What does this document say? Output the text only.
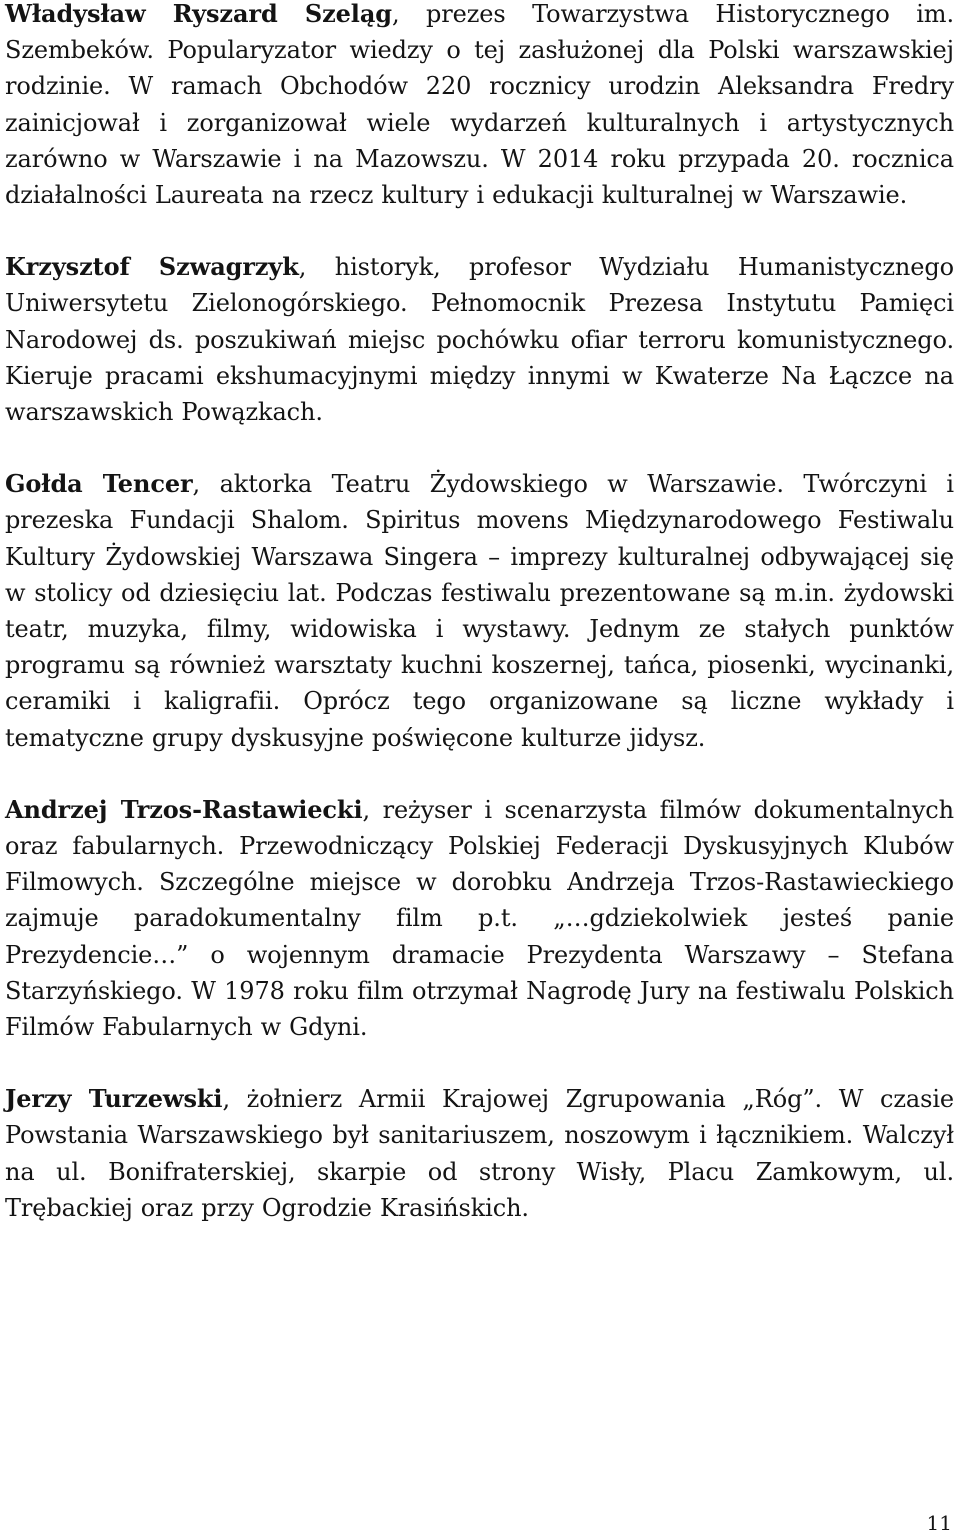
Władysław Ryszard Szeląg, prezes Towarzystwa Historycznego im. Szembeków. Popularyzator wiedzy o tej zasłużonej dla Polski warszawskiej rodzinie. W ramach Obchodów 220 rocznicy urodzin Aleksandra Fredry zainicjował i zorganizował wiele wydarzeń kulturalnych i artystycznych zarówno w Warszawie i na Mazowszu. W 2014 roku przypada 20. rocznica działalności Laureata na rzecz kultury i edukacji kulturalnej w Warszawie.

Krzysztof Szwagrzyk, historyk, profesor Wydziału Humanistycznego Uniwersytetu Zielonogórskiego. Pełnomocnik Prezesa Instytutu Pamięci Narodowej ds. poszukiwań miejsc pochówku ofiar terroru komunistycznego. Kieruje pracami ekshumacyjnymi między innymi w Kwaterze Na Łączce na warszawskich Powązkach.

Gołda Tencer, aktorka Teatru Żydowskiego w Warszawie. Twórczyni i prezeska Fundacji Shalom. Spiritus movens Międzynarodowego Festiwalu Kultury Żydowskiej Warszawa Singera – imprezy kulturalnej odbywającej się w stolicy od dziesięciu lat. Podczas festiwalu prezentowane są m.in. żydowski teatr, muzyka, filmy, widowiska i wystawy. Jednym ze stałych punktów programu są również warsztaty kuchni koszernej, tańca, piosenki, wycinanki, ceramiki i kaligrafii. Oprócz tego organizowane są liczne wykłady i tematyczne grupy dyskusyjne poświęcone kulturze jidysz.

Andrzej Trzos-Rastawiecki, reżyser i scenarzysta filmów dokumentalnych oraz fabularnych. Przewodniczący Polskiej Federacji Dyskusyjnych Klubów Filmowych. Szczególne miejsce w dorobku Andrzeja Trzos-Rastawieckiego zajmuje paradokumentalny film p.t. „…gdziekolwiek jesteś panie Prezydencie…” o wojennym dramacie Prezydenta Warszawy – Stefana Starzyńskiego. W 1978 roku film otrzymał Nagrodę Jury na festiwalu Polskich Filmów Fabularnych w Gdyni.

Jerzy Turzewski, żołnierz Armii Krajowej Zgrupowania „Róg”. W czasie Powstania Warszawskiego był sanitariuszem, noszowym i łącznikiem. Walczył na ul. Bonifraterskiej, skarpie od strony Wisły, Placu Zamkowym, ul. Trębackiej oraz przy Ogrodzie Krasińskich.

11
